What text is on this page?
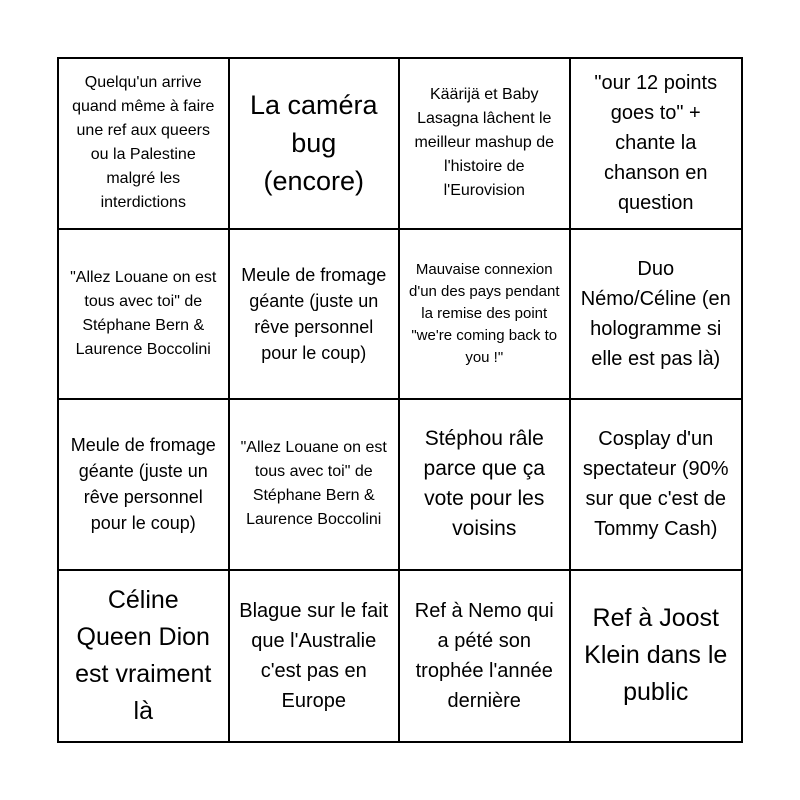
Quelqu'un arrive quand même à faire une ref aux queers ou la Palestine malgré les interdictions
La caméra bug (encore)
Käärijä et Baby Lasagna lâchent le meilleur mashup de l'histoire de l'Eurovision
"our 12 points goes to" + chante la chanson en question
"Allez Louane on est tous avec toi" de Stéphane Bern & Laurence Boccolini
Meule de fromage géante (juste un rêve personnel pour le coup)
Mauvaise connexion d'un des pays pendant la remise des point "we're coming back to you !"
Duo Némo/Céline (en hologramme si elle est pas là)
Meule de fromage géante (juste un rêve personnel pour le coup)
"Allez Louane on est tous avec toi" de Stéphane Bern & Laurence Boccolini
Stéphou râle parce que ça vote pour les voisins
Cosplay d'un spectateur (90% sur que c'est de Tommy Cash)
Céline Queen Dion est vraiment là
Blague sur le fait que l'Australie c'est pas en Europe
Ref à Nemo qui a pété son trophée l'année dernière
Ref à Joost Klein dans le public
